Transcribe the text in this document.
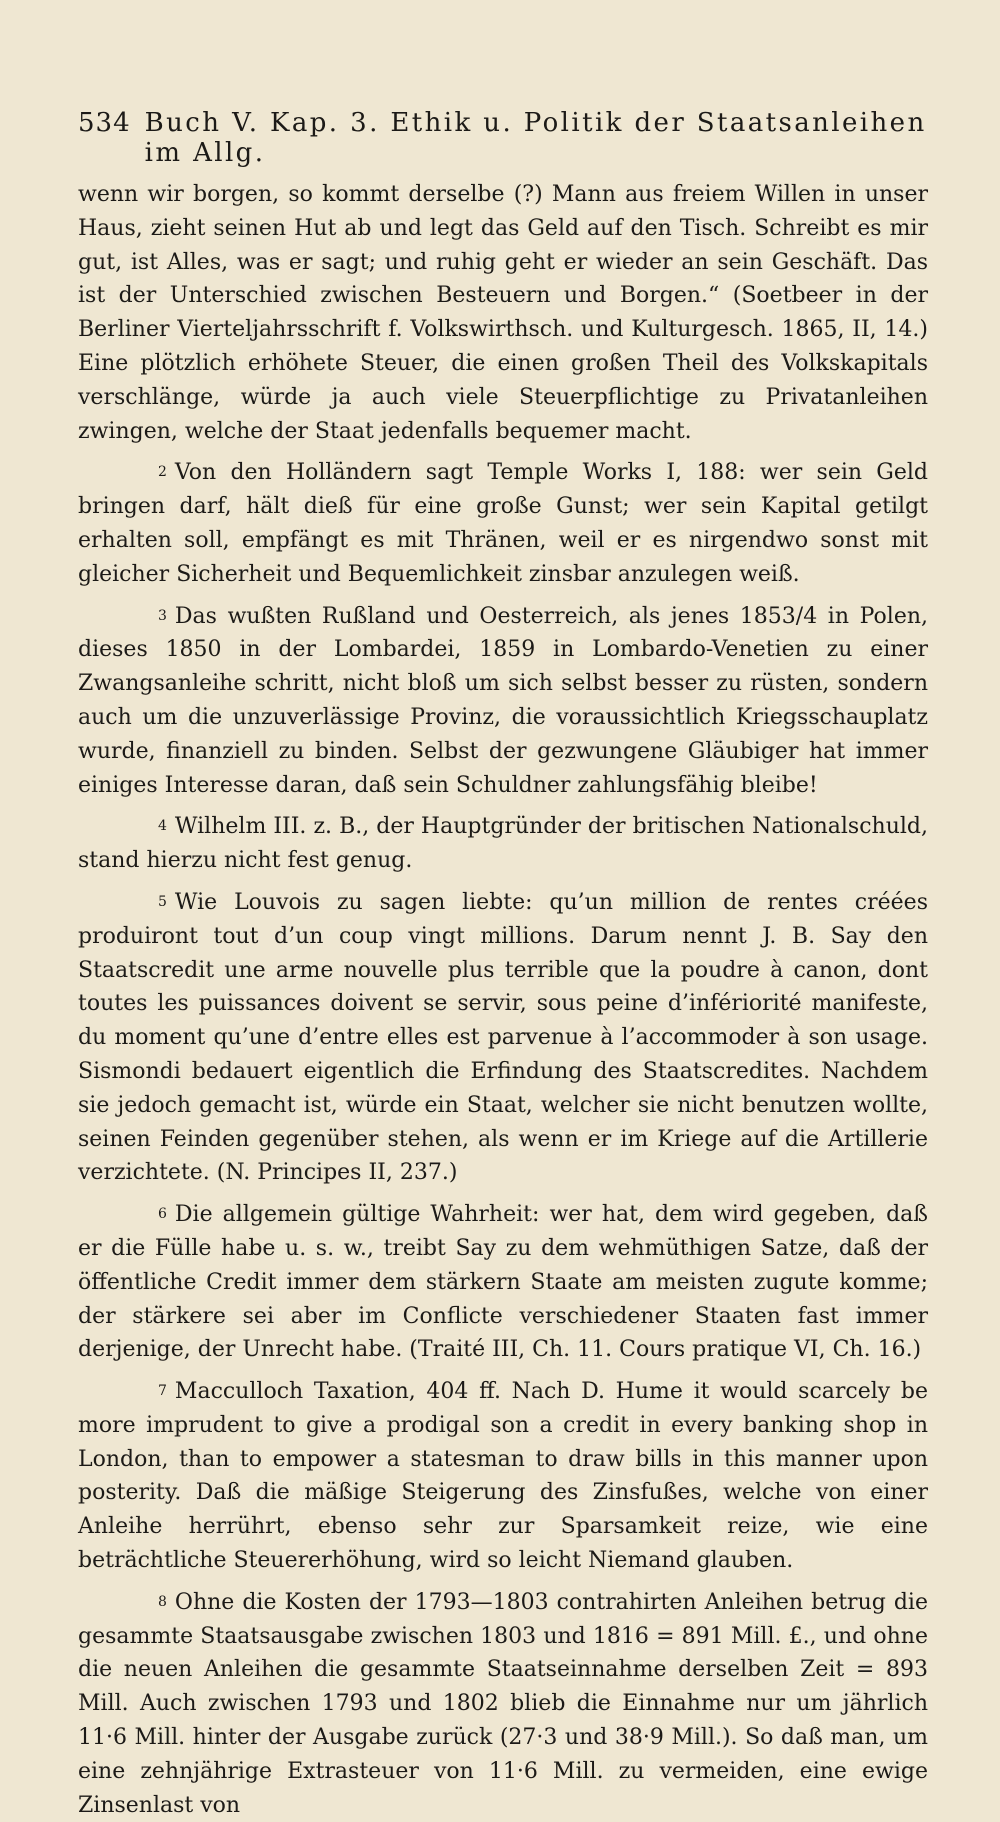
534 Buch V. Kap. 3. Ethik u. Politik der Staatsanleihen im Allg.

wenn wir borgen, so kommt derselbe (?) Mann aus freiem Willen in unser Haus, zieht seinen Hut ab und legt das Geld auf den Tisch. Schreibt es mir gut, ist Alles, was er sagt; und ruhig geht er wieder an sein Geschäft. Das ist der Unterschied zwischen Besteuern und Borgen.“ (Soetbeer in der Berliner Vierteljahrsschrift f. Volkswirthsch. und Kulturgesch. 1865, II, 14.) Eine plötzlich erhöhete Steuer, die einen großen Theil des Volkskapitals verschlänge, würde ja auch viele Steuerpflichtige zu Privatanleihen zwingen, welche der Staat jedenfalls bequemer macht.

2 Von den Holländern sagt Temple Works I, 188: wer sein Geld bringen darf, hält dieß für eine große Gunst; wer sein Kapital getilgt erhalten soll, empfängt es mit Thränen, weil er es nirgendwo sonst mit gleicher Sicherheit und Bequemlichkeit zinsbar anzulegen weiß.

3 Das wußten Rußland und Oesterreich, als jenes 1853/4 in Polen, dieses 1850 in der Lombardei, 1859 in Lombardo-Venetien zu einer Zwangsanleihe schritt, nicht bloß um sich selbst besser zu rüsten, sondern auch um die unzuverlässige Provinz, die voraussichtlich Kriegsschauplatz wurde, finanziell zu binden. Selbst der gezwungene Gläubiger hat immer einiges Interesse daran, daß sein Schuldner zahlungsfähig bleibe!

4 Wilhelm III. z. B., der Hauptgründer der britischen Nationalschuld, stand hierzu nicht fest genug.

5 Wie Louvois zu sagen liebte: qu’un million de rentes créées produiront tout d’un coup vingt millions. Darum nennt J. B. Say den Staatscredit une arme nouvelle plus terrible que la poudre à canon, dont toutes les puissances doivent se servir, sous peine d’infériorité manifeste, du moment qu’une d’entre elles est parvenue à l’accommoder à son usage. Sismondi bedauert eigentlich die Erfindung des Staatscredites. Nachdem sie jedoch gemacht ist, würde ein Staat, welcher sie nicht benutzen wollte, seinen Feinden gegenüber stehen, als wenn er im Kriege auf die Artillerie verzichtete. (N. Principes II, 237.)

6 Die allgemein gültige Wahrheit: wer hat, dem wird gegeben, daß er die Fülle habe u. s. w., treibt Say zu dem wehmüthigen Satze, daß der öffentliche Credit immer dem stärkern Staate am meisten zugute komme; der stärkere sei aber im Conflicte verschiedener Staaten fast immer derjenige, der Unrecht habe. (Traité III, Ch. 11. Cours pratique VI, Ch. 16.)

7 Macculloch Taxation, 404 ff. Nach D. Hume it would scarcely be more imprudent to give a prodigal son a credit in every banking shop in London, than to empower a statesman to draw bills in this manner upon posterity. Daß die mäßige Steigerung des Zinsfußes, welche von einer Anleihe herrührt, ebenso sehr zur Sparsamkeit reize, wie eine beträchtliche Steuererhöhung, wird so leicht Niemand glauben.

8 Ohne die Kosten der 1793—1803 contrahirten Anleihen betrug die gesammte Staatsausgabe zwischen 1803 und 1816 = 891 Mill. £., und ohne die neuen Anleihen die gesammte Staatseinnahme derselben Zeit = 893 Mill. Auch zwischen 1793 und 1802 blieb die Einnahme nur um jährlich 11·6 Mill. hinter der Ausgabe zurück (27·3 und 38·9 Mill.). So daß man, um eine zehnjährige Extrasteuer von 11·6 Mill. zu vermeiden, eine ewige Zinsenlast von
